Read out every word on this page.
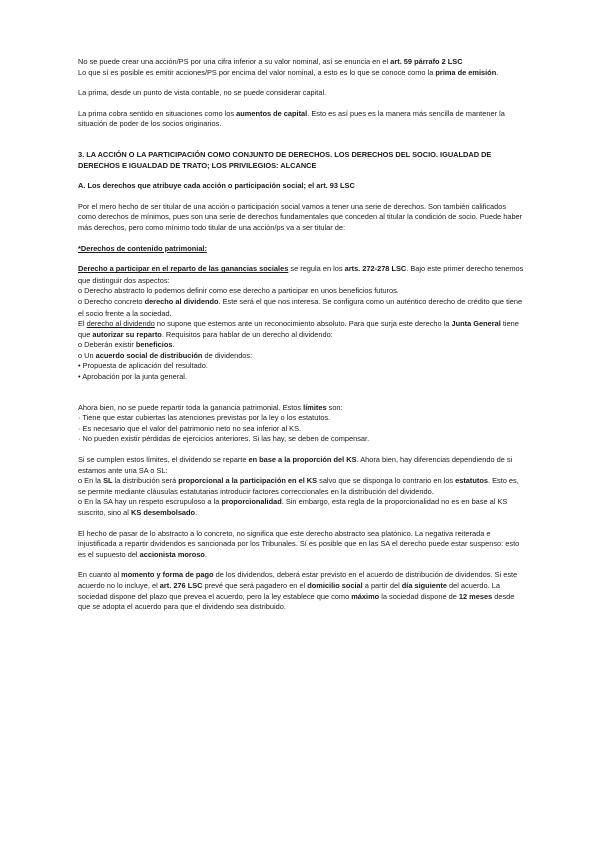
No se puede crear una acción/PS por una cifra inferior a su valor nominal, así se enuncia en el art. 59 párrafo 2 LSC
Lo que sí es posible es emitir acciones/PS por encima del valor nominal, a esto es lo que se conoce como la prima de emisión.

La prima, desde un punto de vista contable, no se puede considerar capital.

La prima cobra sentido en situaciones como los aumentos de capital. Esto es así pues es la manera más sencilla de mantener la situación de poder de los socios originarios.

3. LA ACCIÓN O LA PARTICIPACIÓN COMO CONJUNTO DE DERECHOS. LOS DERECHOS DEL SOCIO. IGUALDAD DE DERECHOS E IGUALDAD DE TRATO; LOS PRIVILEGIOS: ALCANCE

A. Los derechos que atribuye cada acción o participación social; el art. 93 LSC

Por el mero hecho de ser titular de una acción o participación social vamos a tener una serie de derechos. Son también calificados como derechos de mínimos, pues son una serie de derechos fundamentales que conceden al titular la condición de socio. Puede haber más derechos, pero como mínimo todo titular de una acción/ps va a ser titular de:

*Derechos de contenido patrimonial:

Derecho a participar en el reparto de las ganancias sociales se regula en los arts. 272-278 LSC. Bajo este primer derecho tenemos que distinguir dos aspectos:
o Derecho abstracto lo podemos definir como ese derecho a participar en unos beneficios futuros.
o Derecho concreto derecho al dividendo. Este será el que nos interesa. Se configura como un auténtico derecho de crédito que tiene el socio frente a la sociedad.
El derecho al dividendo no supone que estemos ante un reconocimiento absoluto. Para que surja este derecho la Junta General tiene que autorizar su reparto. Requisitos para hablar de un derecho al dividendo:
o Deberán existir beneficios.
o Un acuerdo social de distribución de dividendos:
• Propuesta de aplicación del resultado.
• Aprobación por la junta general.

Ahora bien, no se puede repartir toda la ganancia patrimonial. Estos límites son:
· Tiene que estar cubiertas las atenciones previstas por la ley o los estatutos.
· Es necesario que el valor del patrimonio neto no sea inferior al KS.
· No pueden existir pérdidas de ejercicios anteriores. Si las hay, se deben de compensar.

Si se cumplen estos límites, el dividendo se reparte en base a la proporción del KS. Ahora bien, hay diferencias dependiendo de si estamos ante una SA o SL:
o En la SL la distribución será proporcional a la participación en el KS salvo que se disponga lo contrario en los estatutos. Esto es, se permite mediante cláusulas estatutarias introducir factores correccionales en la distribución del dividendo.
o En la SA hay un respeto escrupuloso a la proporcionalidad. Sin embargo, esta regla de la proporcionalidad no es en base al KS suscrito, sino al KS desembolsado.

El hecho de pasar de lo abstracto a lo concreto, no significa que este derecho abstracto sea platónico. La negativa reiterada e injustificada a repartir dividendos es sancionada por los Tribunales. Sí es posible que en las SA el derecho puede estar suspenso: esto es el supuesto del accionista moroso.

En cuanto al momento y forma de pago de los dividendos, deberá estar previsto en el acuerdo de distribución de dividendos. Si este acuerdo no lo incluye, el art. 276 LSC prevé que será pagadero en el domicilio social a partir del día siguiente del acuerdo. La sociedad dispone del plazo que prevea el acuerdo, pero la ley establece que como máximo la sociedad dispone de 12 meses desde que se adopta el acuerdo para que el dividendo sea distribuido.
